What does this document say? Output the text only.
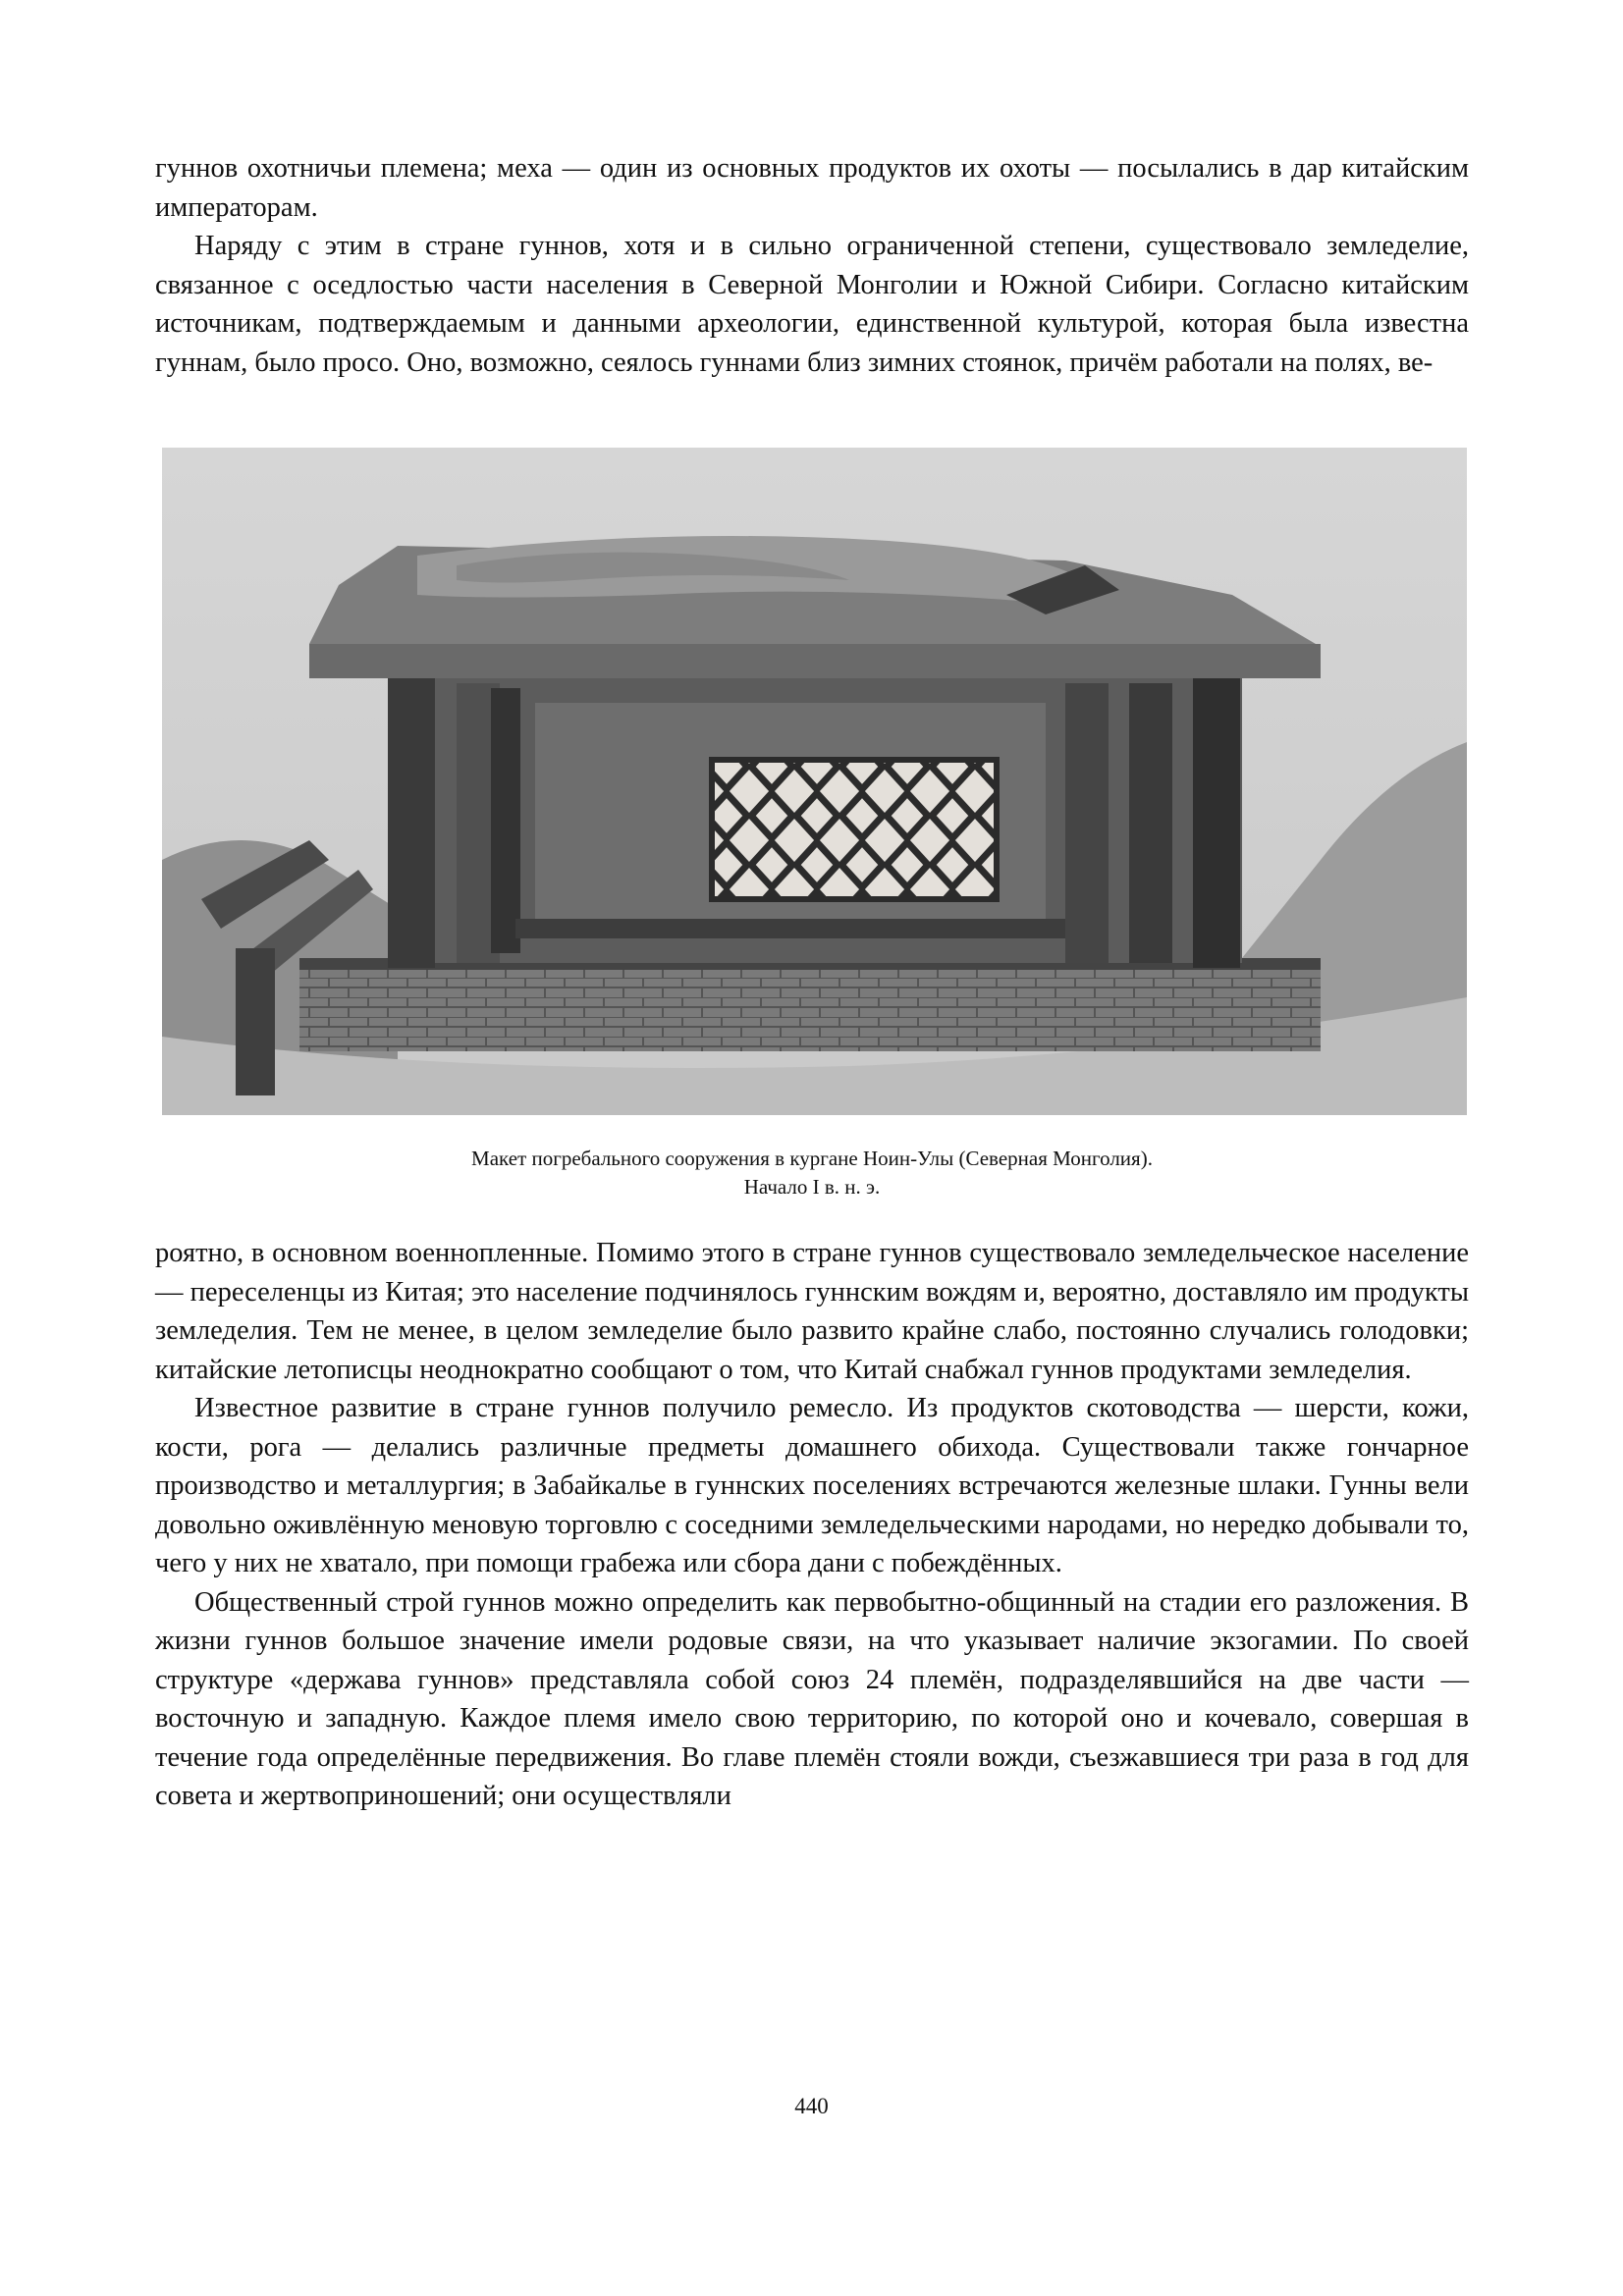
гуннов охотничьи племена; меха — один из основных продуктов их охоты — посылались в дар китайским императорам.

Наряду с этим в стране гуннов, хотя и в сильно ограниченной степени, существовало земледелие, связанное с оседлостью части населения в Северной Монголии и Южной Сибири. Согласно китайским источникам, подтверждаемым и данными археологии, единственной культурой, которая была известна гуннам, было просо. Оно, возможно, сеялось гуннами близ зимних стоянок, причём работали на полях, ве-

Макет погребального сооружения в кургане Ноин-Улы (Северная Монголия).
Начало I в. н. э.

роятно, в основном военнопленные. Помимо этого в стране гуннов существовало земледельческое население — переселенцы из Китая; это население подчинялось гуннским вождям и, вероятно, доставляло им продукты земледелия. Тем не менее, в целом земледелие было развито крайне слабо, постоянно случались голодовки; китайские летописцы неоднократно сообщают о том, что Китай снабжал гуннов продуктами земледелия.

Известное развитие в стране гуннов получило ремесло. Из продуктов скотоводства — шерсти, кожи, кости, рога — делались различные предметы домашнего обихода. Существовали также гончарное производство и металлургия; в Забайкалье в гуннских поселениях встречаются железные шлаки. Гунны вели довольно оживлённую меновую торговлю с соседними земледельческими народами, но нередко добывали то, чего у них не хватало, при помощи грабежа или сбора дани с побеждённых.

Общественный строй гуннов можно определить как первобытно-общинный на стадии его разложения. В жизни гуннов большое значение имели родовые связи, на что указывает наличие экзогамии. По своей структуре «держава гуннов» представляла собой союз 24 племён, подразделявшийся на две части — восточную и западную. Каждое племя имело свою территорию, по которой оно и кочевало, совершая в течение года определённые передвижения. Во главе племён стояли вожди, съезжавшиеся три раза в год для совета и жертвоприношений; они осуществляли

440
